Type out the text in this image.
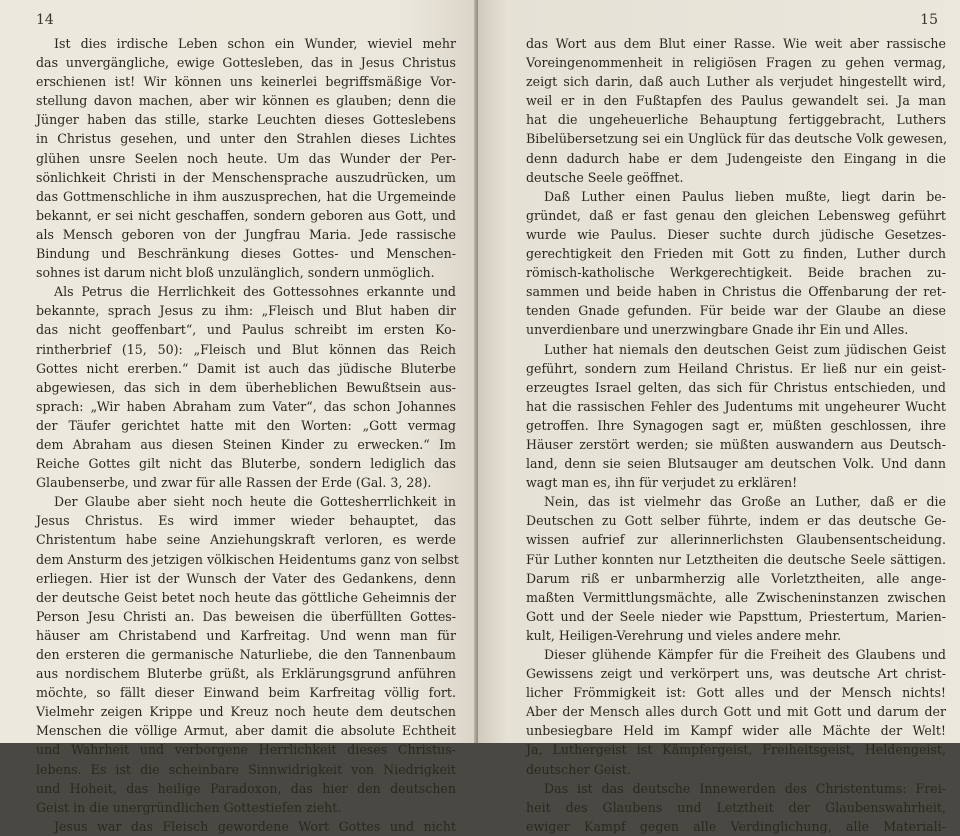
14
Ist dies irdische Leben schon ein Wunder, wieviel mehr
das unvergängliche, ewige Gottesleben, das in Jesus Christus
erschienen ist! Wir können uns keinerlei begriffsmäßige Vor-
stellung davon machen, aber wir können es glauben; denn die
Jünger haben das stille, starke Leuchten dieses Gotteslebens
in Christus gesehen, und unter den Strahlen dieses Lichtes
glühen unsre Seelen noch heute. Um das Wunder der Per-
sönlichkeit Christi in der Menschensprache auszudrücken, um
das Gottmenschliche in ihm auszusprechen, hat die Urgemeinde
bekannt, er sei nicht geschaffen, sondern geboren aus Gott, und
als Mensch geboren von der Jungfrau Maria. Jede rassische
Bindung und Beschränkung dieses Gottes- und Menschen-
sohnes ist darum nicht bloß unzulänglich, sondern unmöglich.
Als Petrus die Herrlichkeit des Gottessohnes erkannte und
bekannte, sprach Jesus zu ihm: „Fleisch und Blut haben dir
das nicht geoffenbart“, und Paulus schreibt im ersten Ko-
rintherbrief (15, 50): „Fleisch und Blut können das Reich
Gottes nicht ererben.“ Damit ist auch das jüdische Bluterbe
abgewiesen, das sich in dem überheblichen Bewußtsein aus-
sprach: „Wir haben Abraham zum Vater“, das schon Johannes
der Täufer gerichtet hatte mit den Worten: „Gott vermag
dem Abraham aus diesen Steinen Kinder zu erwecken.“ Im
Reiche Gottes gilt nicht das Bluterbe, sondern lediglich das
Glaubenserbe, und zwar für alle Rassen der Erde (Gal. 3, 28).
Der Glaube aber sieht noch heute die Gottesherrlichkeit in
Jesus Christus. Es wird immer wieder behauptet, das
Christentum habe seine Anziehungskraft verloren, es werde
dem Ansturm des jetzigen völkischen Heidentums ganz von selbst
erliegen. Hier ist der Wunsch der Vater des Gedankens, denn
der deutsche Geist betet noch heute das göttliche Geheimnis der
Person Jesu Christi an. Das beweisen die überfüllten Gottes-
häuser am Christabend und Karfreitag. Und wenn man für
den ersteren die germanische Naturliebe, die den Tannenbaum
aus nordischem Bluterbe grüßt, als Erklärungsgrund anführen
möchte, so fällt dieser Einwand beim Karfreitag völlig fort.
Vielmehr zeigen Krippe und Kreuz noch heute dem deutschen
Menschen die völlige Armut, aber damit die absolute Echtheit
und Wahrheit und verborgene Herrlichkeit dieses Christus-
lebens. Es ist die scheinbare Sinnwidrigkeit von Niedrigkeit
und Hoheit, das heilige Paradoxon, das hier den deutschen
Geist in die unergründlichen Gottestiefen zieht.
Jesus war das Fleisch gewordene Wort Gottes und nicht
15
das Wort aus dem Blut einer Rasse. Wie weit aber rassische
Voreingenommenheit in religiösen Fragen zu gehen vermag,
zeigt sich darin, daß auch Luther als verjudet hingestellt wird,
weil er in den Fußtapfen des Paulus gewandelt sei. Ja man
hat die ungeheuerliche Behauptung fertiggebracht, Luthers
Bibelübersetzung sei ein Unglück für das deutsche Volk gewesen,
denn dadurch habe er dem Judengeiste den Eingang in die
deutsche Seele geöffnet.
Daß Luther einen Paulus lieben mußte, liegt darin be-
gründet, daß er fast genau den gleichen Lebensweg geführt
wurde wie Paulus. Dieser suchte durch jüdische Gesetzes-
gerechtigkeit den Frieden mit Gott zu finden, Luther durch
römisch-katholische Werkgerechtigkeit. Beide brachen zu-
sammen und beide haben in Christus die Offenbarung der ret-
tenden Gnade gefunden. Für beide war der Glaube an diese
unverdienbare und unerzwingbare Gnade ihr Ein und Alles.
Luther hat niemals den deutschen Geist zum jüdischen Geist
geführt, sondern zum Heiland Christus. Er ließ nur ein geist-
erzeugtes Israel gelten, das sich für Christus entschieden, und
hat die rassischen Fehler des Judentums mit ungeheurer Wucht
getroffen. Ihre Synagogen sagt er, müßten geschlossen, ihre
Häuser zerstört werden; sie müßten auswandern aus Deutsch-
land, denn sie seien Blutsauger am deutschen Volk. Und dann
wagt man es, ihn für verjudet zu erklären!
Nein, das ist vielmehr das Große an Luther, daß er die
Deutschen zu Gott selber führte, indem er das deutsche Ge-
wissen aufrief zur allerinnerlichsten Glaubensentscheidung.
Für Luther konnten nur Letztheiten die deutsche Seele sättigen.
Darum riß er unbarmherzig alle Vorletztheiten, alle ange-
maßten Vermittlungsmächte, alle Zwischeninstanzen zwischen
Gott und der Seele nieder wie Papsttum, Priestertum, Marien-
kult, Heiligen-Verehrung und vieles andere mehr.
Dieser glühende Kämpfer für die Freiheit des Glaubens und
Gewissens zeigt und verkörpert uns, was deutsche Art christ-
licher Frömmigkeit ist: Gott alles und der Mensch nichts!
Aber der Mensch alles durch Gott und mit Gott und darum der
unbesiegbare Held im Kampf wider alle Mächte der Welt!
Ja, Luthergeist ist Kämpfergeist, Freiheitsgeist, Heldengeist,
deutscher Geist.
Das ist das deutsche Innewerden des Christentums: Frei-
heit des Glaubens und Letztheit der Glaubenswahrheit,
ewiger Kampf gegen alle Verdinglichung, alle Materiali-
